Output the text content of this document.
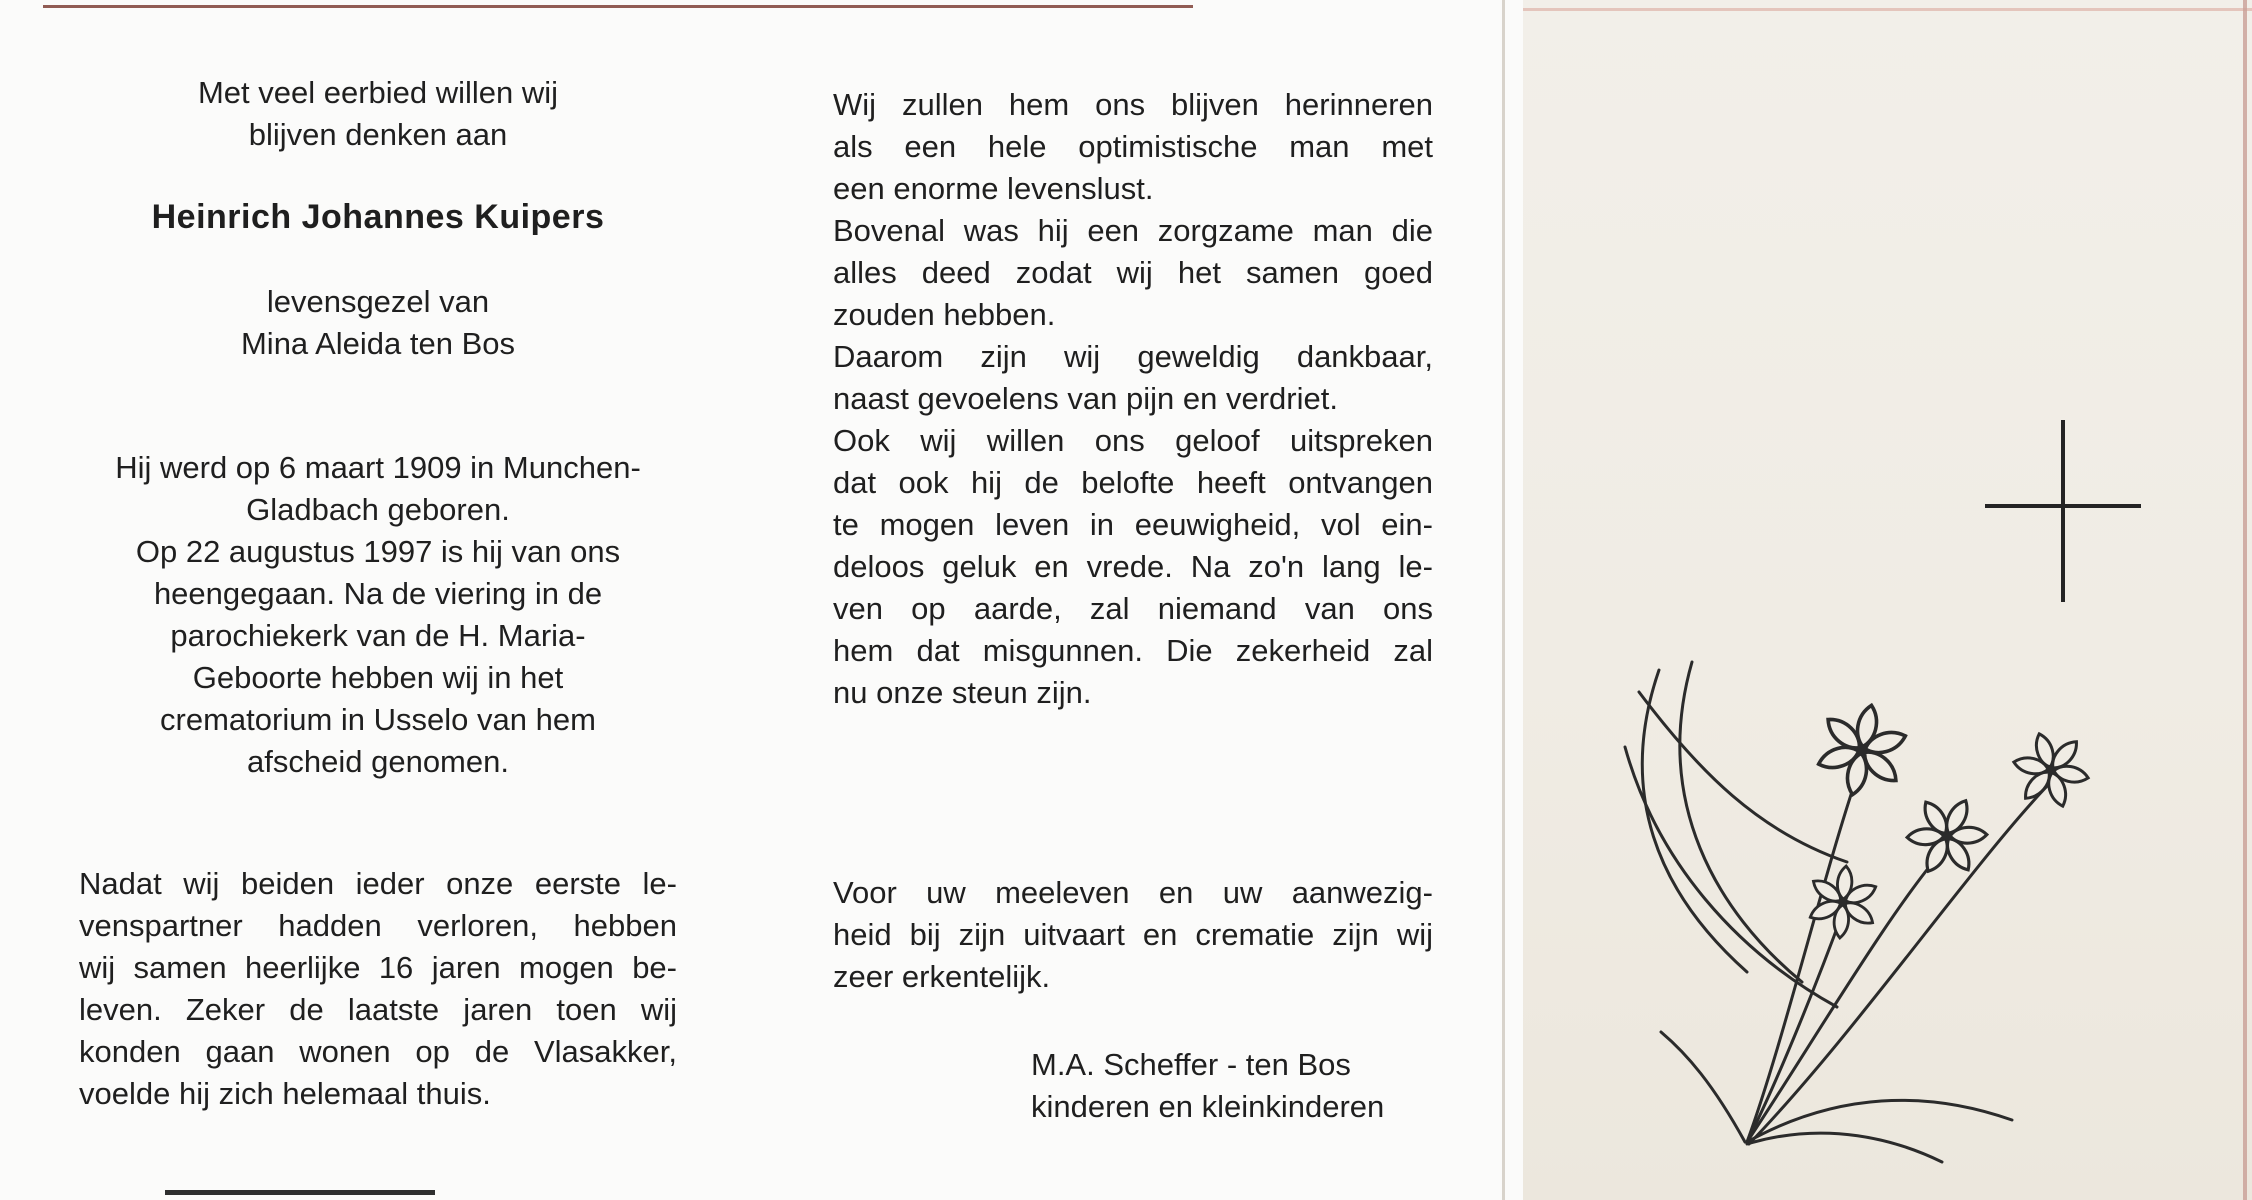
Met veel eerbied willen wij
blijven denken aan
Heinrich Johannes Kuipers
levensgezel van
Mina Aleida ten Bos
Hij werd op 6 maart 1909 in Munchen-
Gladbach geboren.
Op 22 augustus 1997 is hij van ons
heengegaan. Na de viering in de
parochiekerk van de H. Maria-
Geboorte hebben wij in het
crematorium in Usselo van hem
afscheid genomen.
Nadat wij beiden ieder onze eerste le-
venspartner hadden verloren, hebben
wij samen heerlijke 16 jaren mogen be-
leven. Zeker de laatste jaren toen wij
konden gaan wonen op de Vlasakker,
voelde hij zich helemaal thuis.
Wij zullen hem ons blijven herinneren
als een hele optimistische man met
een enorme levenslust.
Bovenal was hij een zorgzame man die
alles deed zodat wij het samen goed
zouden hebben.
Daarom zijn wij geweldig dankbaar,
naast gevoelens van pijn en verdriet.
Ook wij willen ons geloof uitspreken
dat ook hij de belofte heeft ontvangen
te mogen leven in eeuwigheid, vol ein-
deloos geluk en vrede. Na zo'n lang le-
ven op aarde, zal niemand van ons
hem dat misgunnen. Die zekerheid zal
nu onze steun zijn.
Voor uw meeleven en uw aanwezig-
heid bij zijn uitvaart en crematie zijn wij
zeer erkentelijk.
M.A. Scheffer - ten Bos
kinderen en kleinkinderen
